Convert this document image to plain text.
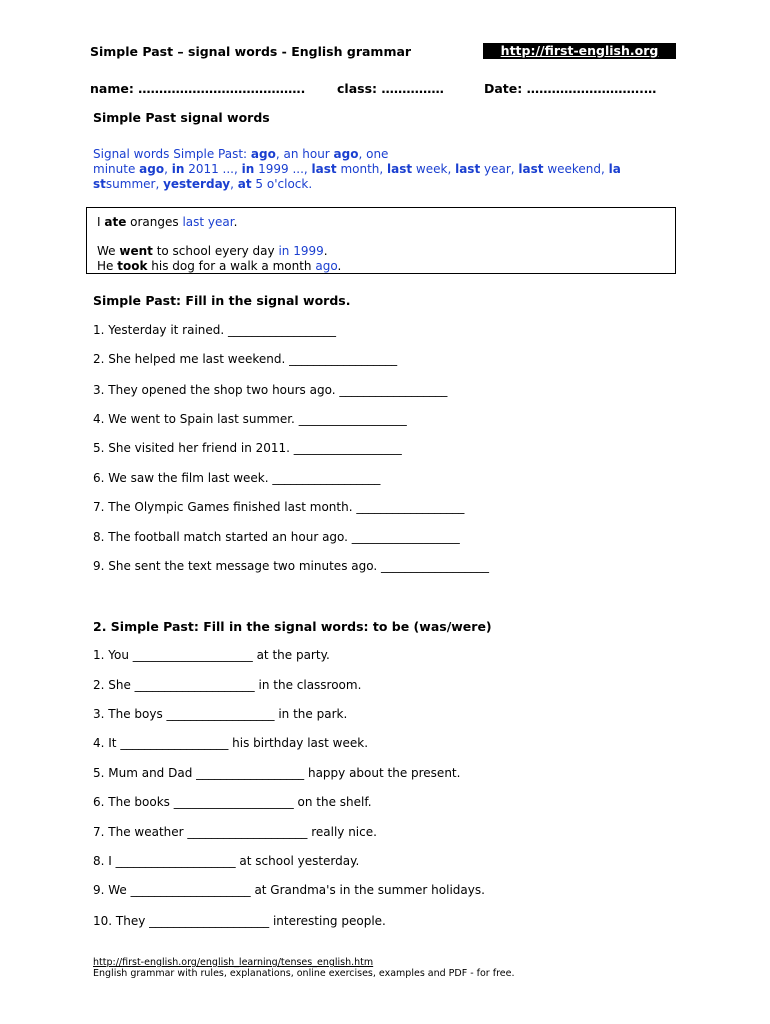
Simple Past – signal words - English grammar	http://first-english.org
name: ………………………………….	class: ……………	Date: ……………………….…
Simple Past signal words
Signal words Simple Past: ago, an hour ago, one
minute ago, in 2011 ..., in 1999 ..., last month, last week, last year, last weekend, la
stsummer, yesterday, at 5 o'clock.
I ate oranges last year.
We went to school eyery day in 1999.
He took his dog for a walk a month ago.
Simple Past: Fill in the signal words.
1. Yesterday it rained. __________________
2. She helped me last weekend. __________________
3. They opened the shop two hours ago. __________________
4. We went to Spain last summer. __________________
5. She visited her friend in 2011. __________________
6. We saw the film last week. __________________
7. The Olympic Games finished last month. __________________
8. The football match started an hour ago. __________________
9. She sent the text message two minutes ago. __________________
2. Simple Past: Fill in the signal words: to be (was/were)
1. You ____________________ at the party.
2. She ____________________ in the classroom.
3. The boys __________________ in the park.
4. It __________________ his birthday last week.
5. Mum and Dad __________________ happy about the present.
6. The books ____________________ on the shelf.
7. The weather ____________________ really nice.
8. I ____________________ at school yesterday.
9. We ____________________ at Grandma's in the summer holidays.
10. They ____________________ interesting people.
http://first-english.org/english_learning/tenses_english.htm
English grammar with rules, explanations, online exercises, examples and PDF - for free.
